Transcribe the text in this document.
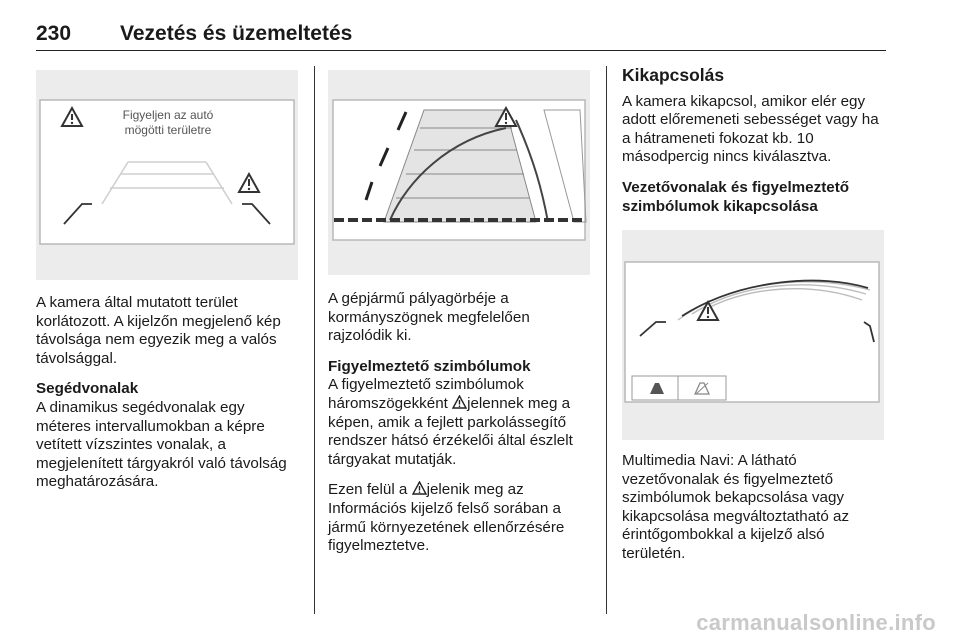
230 Vezetés és üzemeltetés
Figyeljen az autó
mögötti területre

A kamera által mutatott terület korlátozott. A kijelzőn megjelenő kép távolsága nem egyezik meg a valós távolsággal.

Segédvonalak
A dinamikus segédvonalak egy méteres intervallumokban a képre vetített vízszintes vonalak, a megjelenített tárgyakról való távolság meghatározására.

A gépjármű pályagörbéje a kormányszögnek megfelelően rajzolódik ki.

Figyelmeztető szimbólumok
A figyelmeztető szimbólumok háromszögekként jelennek meg a képen, amik a fejlett parkolássegítő rendszer hátsó érzékelői által észlelt tárgyakat mutatják.

Ezen felül a jelenik meg az Információs kijelző felső sorában a jármű környezetének ellenőrzésére figyelmeztetve.

Kikapcsolás

A kamera kikapcsol, amikor elér egy adott előremeneti sebességet vagy ha a hátrameneti fokozat kb. 10 másodpercig nincs kiválasztva.

Vezetővonalak és figyelmeztető szimbólumok kikapcsolása

Multimedia Navi: A látható vezetővonalak és figyelmeztető szimbólumok bekapcsolása vagy kikapcsolása megváltoztatható az érintőgombokkal a kijelző alsó területén.

carmanualsonline.info
